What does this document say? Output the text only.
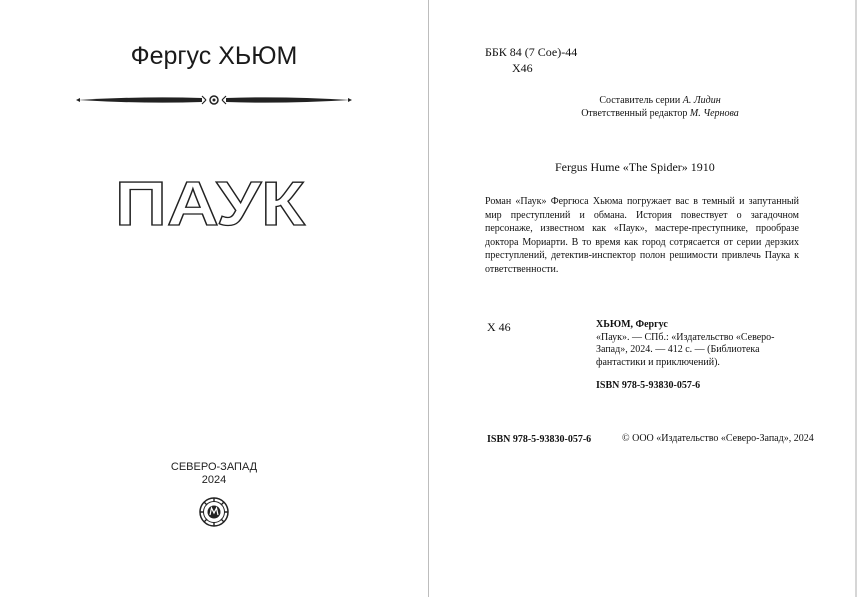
Фергус ХЬЮМ
ПАУК
СЕВЕРО-ЗАПАД
2024
ББК 84 (7 Сое)-44
Х46
Составитель серии А. Лидин
Ответственный редактор М. Чернова
Fergus Hume «The Spider» 1910
Роман «Паук» Фергюса Хьюма погружает вас в темный и запутанный мир преступлений и обмана. История повествует о загадочном персонаже, известном как «Паук», мастере-преступнике, прообразе доктора Мориарти. В то время как город сотрясается от серии дерзких преступлений, детектив-инспектор полон решимости привлечь Паука к ответственности.
Х 46	ХЬЮМ, Фергус
«Паук». — СПб.: «Издательство «Северо-Запад», 2024. — 412 с. — (Библиотека фантастики и приключений).
ISBN 978-5-93830-057-6
ISBN 978-5-93830-057-6	© ООО «Издательство «Северо-Запад», 2024
